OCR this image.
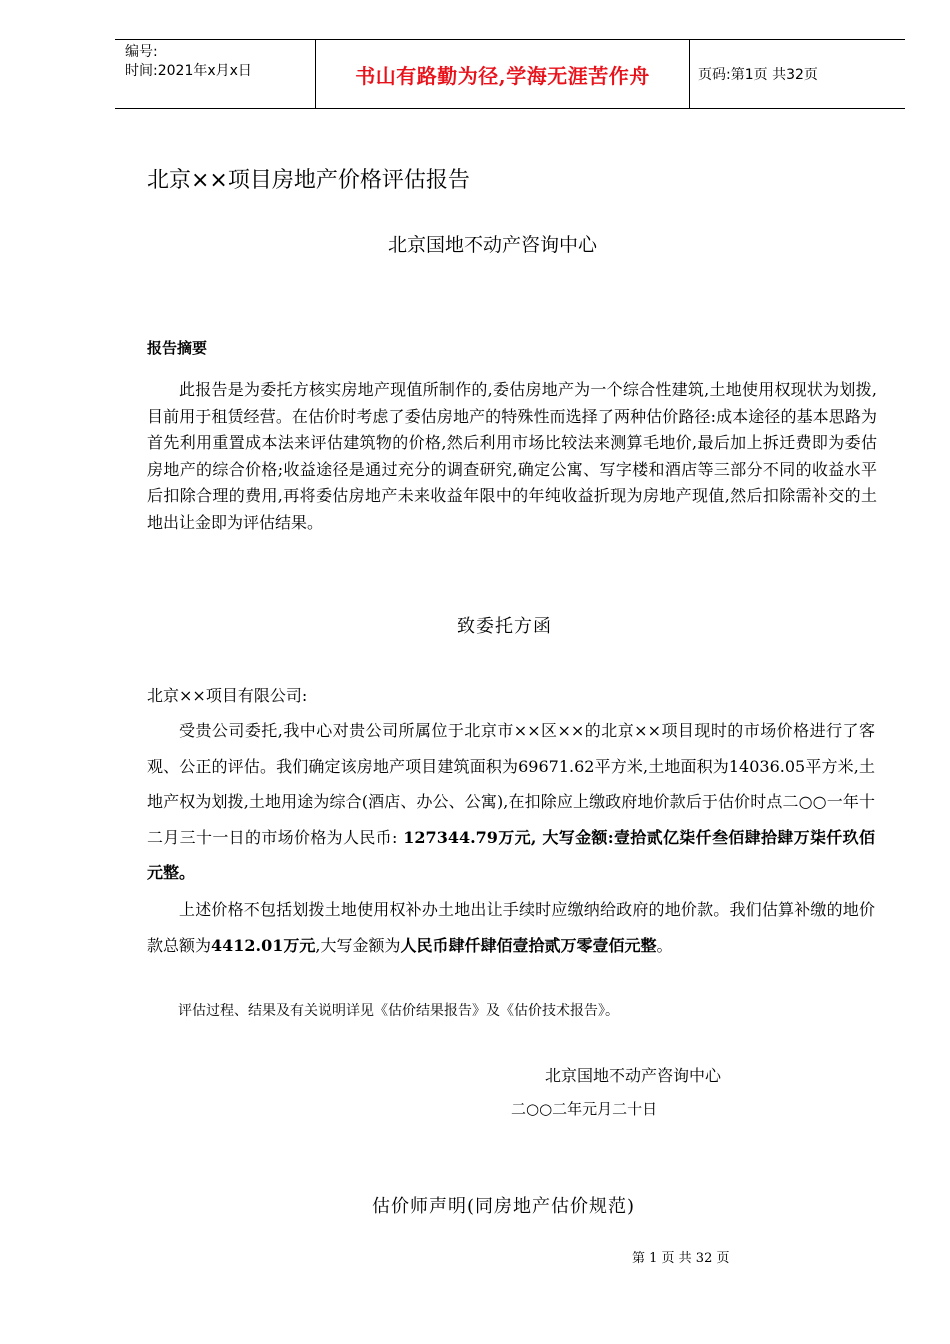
编号:
时间:2021年x月x日	书山有路勤为径,学海无涯苦作舟	页码:第1页 共32页
北京××项目房地产价格评估报告
北京国地不动产咨询中心
报告摘要
此报告是为委托方核实房地产现值所制作的,委估房地产为一个综合性建筑,土地使用权现状为划拨,目前用于租赁经营。在估价时考虑了委估房地产的特殊性而选择了两种估价路径:成本途径的基本思路为首先利用重置成本法来评估建筑物的价格,然后利用市场比较法来测算毛地价,最后加上拆迁费即为委估房地产的综合价格;收益途径是通过充分的调查研究,确定公寓、写字楼和酒店等三部分不同的收益水平后扣除合理的费用,再将委估房地产未来收益年限中的年纯收益折现为房地产现值,然后扣除需补交的土地出让金即为评估结果。
致委托方函
北京××项目有限公司:
受贵公司委托,我中心对贵公司所属位于北京市××区××的北京××项目现时的市场价格进行了客观、公正的评估。我们确定该房地产项目建筑面积为69671.62平方米,土地面积为14036.05平方米,土地产权为划拨,土地用途为综合(酒店、办公、公寓),在扣除应上缴政府地价款后于估价时点二○○一年十二月三十一日的市场价格为人民币: 127344.79万元, 大写金额:壹拾贰亿柒仟叁佰肆拾肆万柒仟玖佰元整。
上述价格不包括划拨土地使用权补办土地出让手续时应缴纳给政府的地价款。我们估算补缴的地价款总额为4412.01万元,大写金额为人民币肆仟肆佰壹拾贰万零壹佰元整。
评估过程、结果及有关说明详见《估价结果报告》及《估价技术报告》。
北京国地不动产咨询中心
二○○二年元月二十日
估价师声明(同房地产估价规范)
第 1 页 共 32 页
